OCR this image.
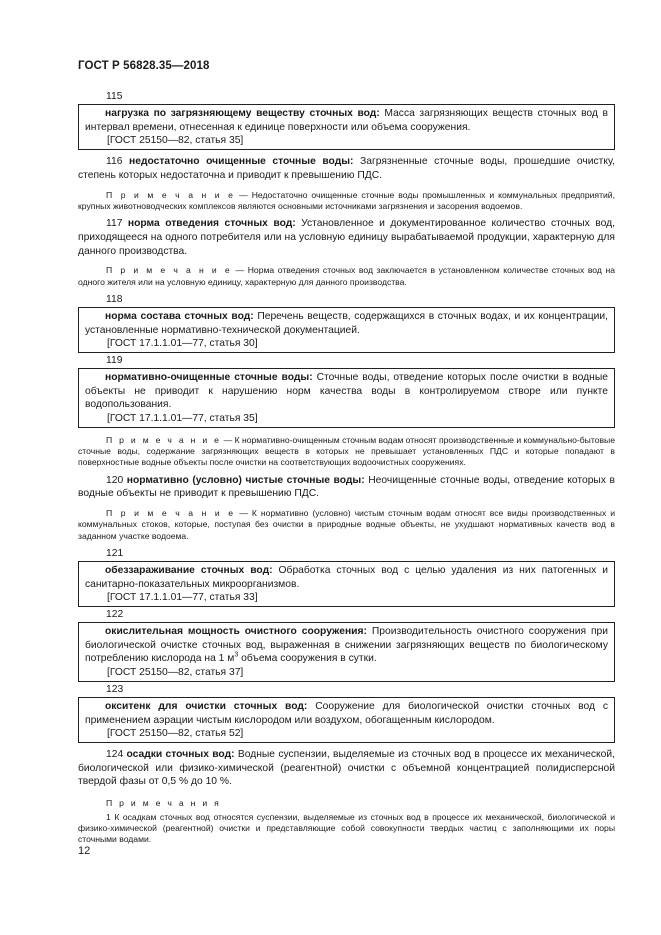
ГОСТ Р 56828.35—2018
115
нагрузка по загрязняющему веществу сточных вод: Масса загрязняющих веществ сточных вод в интервал времени, отнесенная к единице поверхности или объема сооружения.
[ГОСТ 25150—82, статья 35]
116 недостаточно очищенные сточные воды: Загрязненные сточные воды, прошедшие очистку, степень которых недостаточна и приводит к превышению ПДС.
П р и м е ч а н и е — Недостаточно очищенные сточные воды промышленных и коммунальных предприятий, крупных животноводческих комплексов являются основными источниками загрязнения и засорения водоемов.
117 норма отведения сточных вод: Установленное и документированное количество сточных вод, приходящееся на одного потребителя или на условную единицу вырабатываемой продукции, характерную для данного производства.
П р и м е ч а н и е — Норма отведения сточных вод заключается в установленном количестве сточных вод на одного жителя или на условную единицу, характерную для данного производства.
118
норма состава сточных вод: Перечень веществ, содержащихся в сточных водах, и их концентрации, установленные нормативно-технической документацией.
[ГОСТ 17.1.1.01—77, статья 30]
119
нормативно-очищенные сточные воды: Сточные воды, отведение которых после очистки в водные объекты не приводит к нарушению норм качества воды в контролируемом створе или пункте водопользования.
[ГОСТ 17.1.1.01—77, статья 35]
П р и м е ч а н и е — К нормативно-очищенным сточным водам относят производственные и коммунально-бытовые сточные воды, содержание загрязняющих веществ в которых не превышает установленных ПДС и которые попадают в поверхностные водные объекты после очистки на соответствующих водоочистных сооружениях.
120 нормативно (условно) чистые сточные воды: Неочищенные сточные воды, отведение которых в водные объекты не приводит к превышению ПДС.
П р и м е ч а н и е — К нормативно (условно) чистым сточным водам относят все виды производственных и коммунальных стоков, которые, поступая без очистки в природные водные объекты, не ухудшают нормативных качеств вод в заданном участке водоема.
121
обеззараживание сточных вод: Обработка сточных вод с целью удаления из них патогенных и санитарно-показательных микроорганизмов.
[ГОСТ 17.1.1.01—77, статья 33]
122
окислительная мощность очистного сооружения: Производительность очистного сооружения при биологической очистке сточных вод, выраженная в снижении загрязняющих веществ по биологическому потреблению кислорода на 1 $м^3$ объема сооружения в сутки.
[ГОСТ 25150—82, статья 37]
123
окситенк для очистки сточных вод: Сооружение для биологической очистки сточных вод с применением аэрации чистым кислородом или воздухом, обогащенным кислородом.
[ГОСТ 25150—82, статья 52]
124 осадки сточных вод: Водные суспензии, выделяемые из сточных вод в процессе их механической, биологической или физико-химической (реагентной) очистки с объемной концентрацией полидисперсной твердой фазы от 0,5 % до 10 %.
П р и м е ч а н и я
1 К осадкам сточных вод относятся суспензии, выделяемые из сточных вод в процессе их механической, биологической и физико-химической (реагентной) очистки и представляющие собой совокупности твердых частиц с заполняющими их поры сточными водами.
12
